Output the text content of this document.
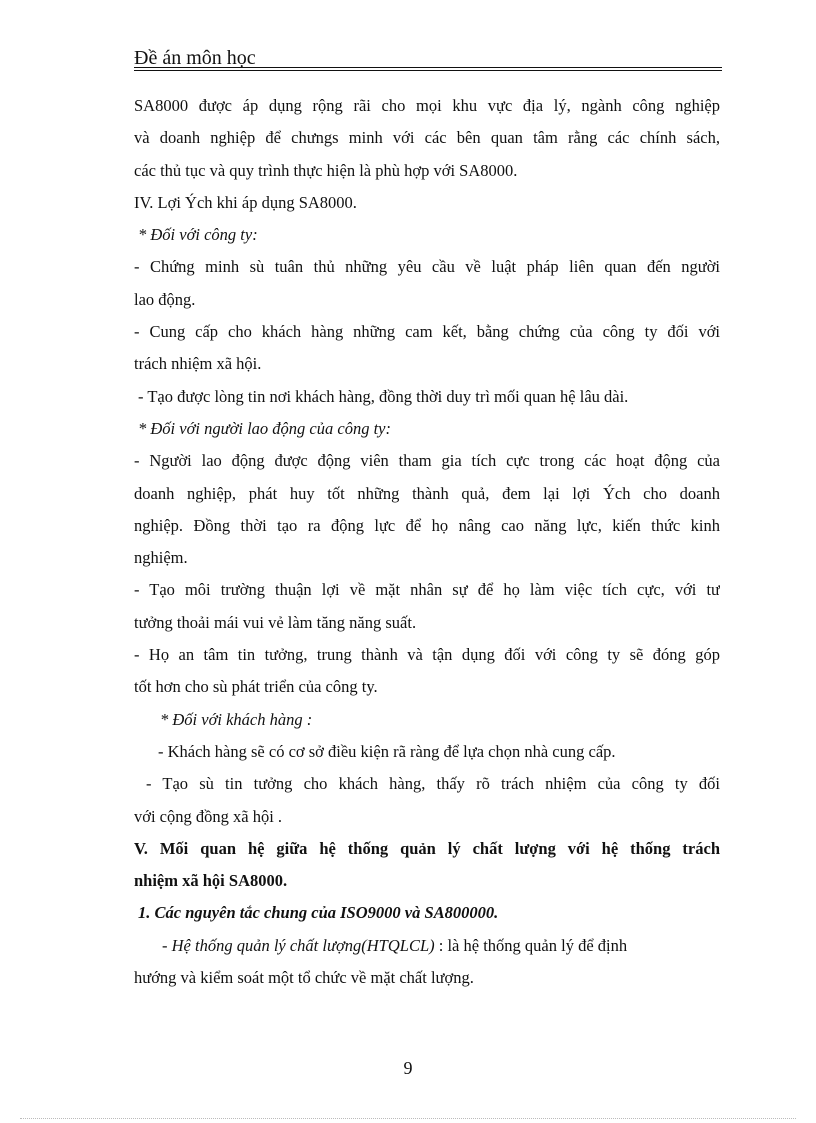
Đề án môn học
SA8000 được áp dụng rộng rãi cho mọi khu vực địa lý, ngành công nghiệp
và doanh nghiệp để chưngs minh với các bên quan tâm rằng các chính sách,
các thủ tục và quy trình thực hiện là phù hợp với SA8000.
IV. Lợi Ých khi áp dụng SA8000.
* Đối với công ty:
- Chứng minh sù tuân thủ những yêu cầu về luật pháp liên quan đến người
lao động.
- Cung cấp cho khách hàng những cam kết, bằng chứng của công ty đối với
trách nhiệm xã hội.
- Tạo được lòng tin nơi khách hàng, đồng thời duy trì mối quan hệ lâu dài.
* Đối với người lao động của công ty:
- Người lao động được động viên tham gia tích cực trong các hoạt động của
doanh nghiệp, phát huy tốt những thành quả, đem lại lợi Ých cho doanh
nghiệp. Đồng thời tạo ra động lực để họ nâng cao năng lực, kiến thức kinh
nghiệm.
- Tạo môi trường thuận lợi về mặt nhân sự để họ làm việc tích cực, với tư
tưởng thoải mái vui vẻ làm tăng năng suất.
- Họ an tâm tin tưởng, trung thành và tận dụng đối với công ty sẽ đóng góp
tốt hơn cho sù phát triển của công ty.
* Đối với khách hàng :
- Khách hàng sẽ có cơ sở điều kiện rã ràng để lựa chọn nhà cung cấp.
- Tạo sù tin tưởng cho khách hàng, thấy rõ trách nhiệm của công ty đối
với cộng đồng xã hội .
V. Mối quan hệ giữa hệ thống quản lý chất lượng với hệ thống trách
nhiệm xã hội SA8000.
1. Các nguyên tắc chung của ISO9000 và SA800000.
- Hệ thống quản lý chất lượng(HTQLCL) : là hệ thống quản lý để định
hướng và kiểm soát một tổ chức về mặt chất lượng.
9
